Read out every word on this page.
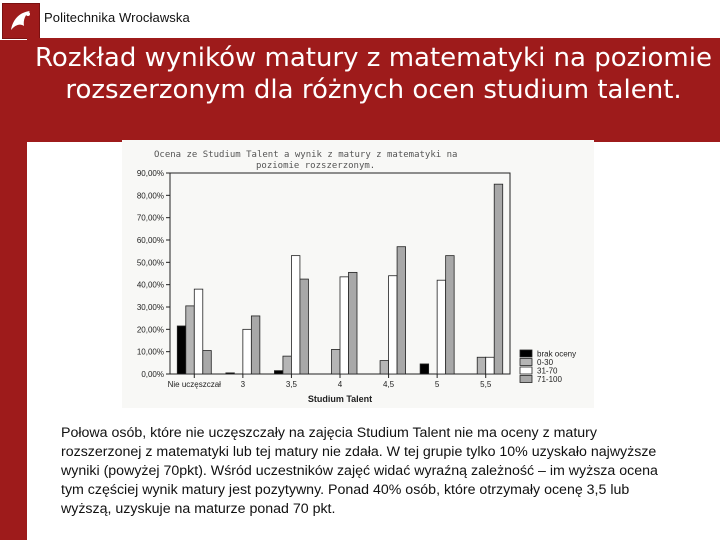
Politechnika Wrocławska
Rozkład wyników matury z matematyki na poziomie rozszerzonym dla różnych ocen studium talent.
Ocena ze Studium Talent a wynik z matury z matematyki na
poziomie rozszerzonym.
0,00%
10,00%
20,00%
30,00%
40,00%
50,00%
60,00%
70,00%
80,00%
90,00%
Nie uczęszczał 3	3,5	4	4,5	5	5,5
brak oceny
0-30
31-70
71-100
Studium Talent
Połowa osób, które nie uczęszczały na zajęcia Studium Talent nie ma oceny z matury rozszerzonej z matematyki lub tej matury nie zdała. W tej grupie tylko 10% uzyskało najwyższe wyniki (powyżej 70pkt). Wśród uczestników zajęć widać wyraźną zależność – im wyższa ocena tym częściej wynik matury jest pozytywny. Ponad 40% osób, które otrzymały ocenę 3,5 lub wyższą, uzyskuje na maturze ponad 70 pkt.
